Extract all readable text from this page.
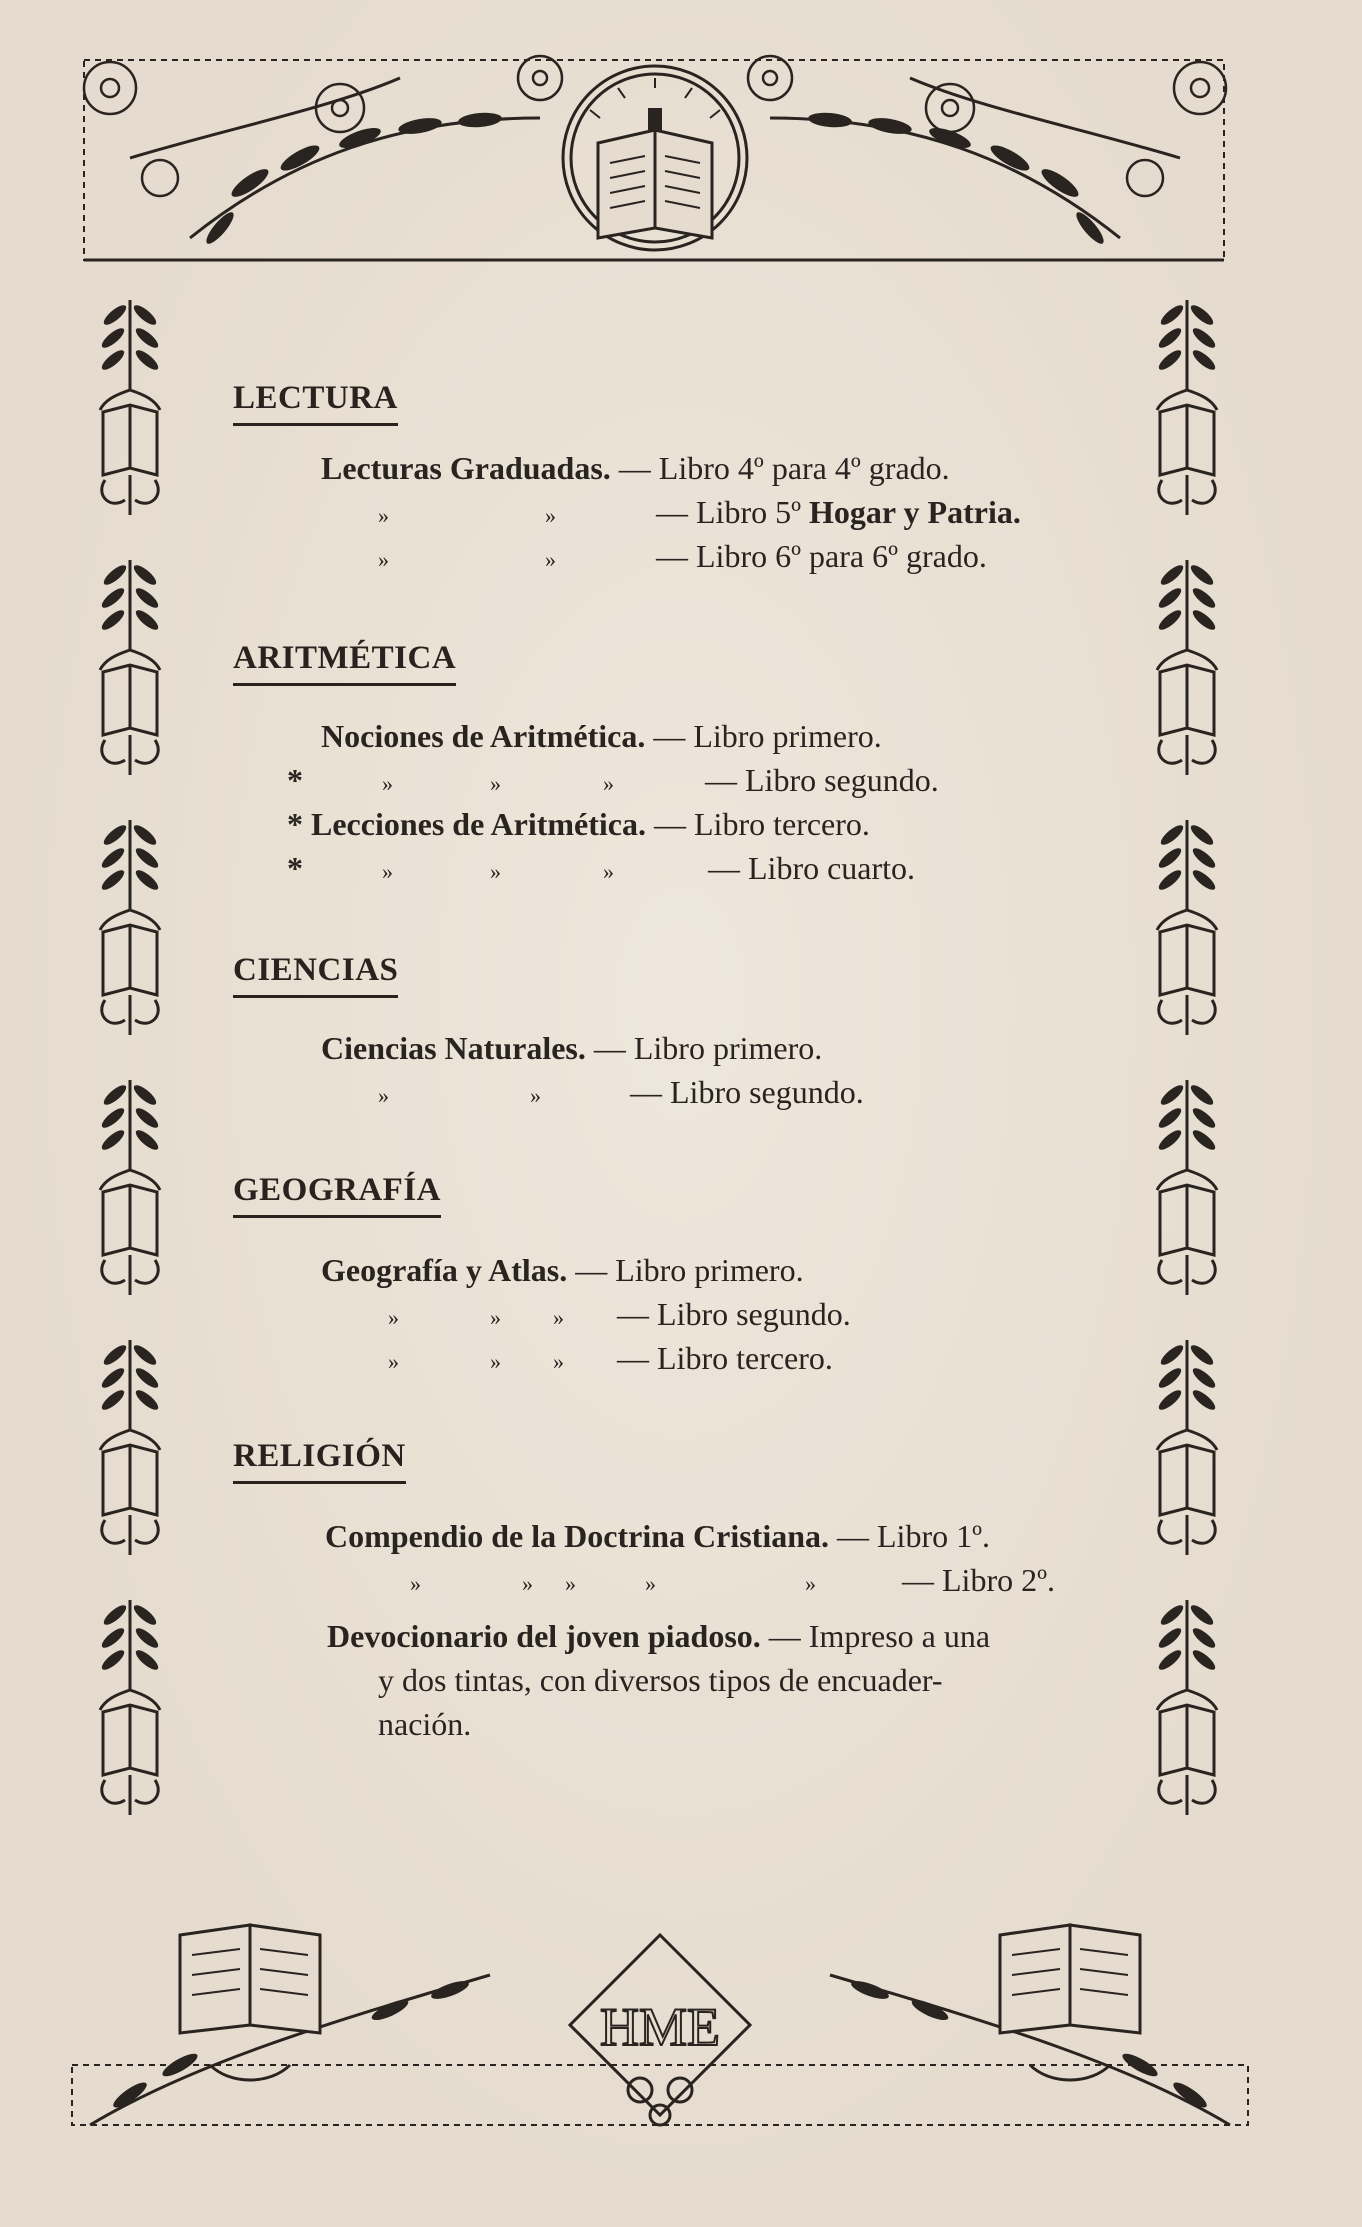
HME
LECTURA
Lecturas Graduadas. — Libro 4º para 4º grado.
»	»	— Libro 5º Hogar y Patria.
»	»	— Libro 6º para 6º grado.
ARITMÉTICA
Nociones de Aritmética. — Libro primero.
*	»	»	»	— Libro segundo.
* Lecciones de Aritmética. — Libro tercero.
*	»	»	»	— Libro cuarto.
CIENCIAS
Ciencias Naturales. — Libro primero.
»	»	— Libro segundo.
GEOGRAFÍA
Geografía y Atlas. — Libro primero.
»	» » — Libro segundo.
»	» » — Libro tercero.
RELIGIÓN
Compendio de la Doctrina Cristiana. — Libro 1º.
»	» »	»	»	— Libro 2º.
Devocionario del joven piadoso. — Impreso a una
y dos tintas, con diversos tipos de encuader-
nación.
